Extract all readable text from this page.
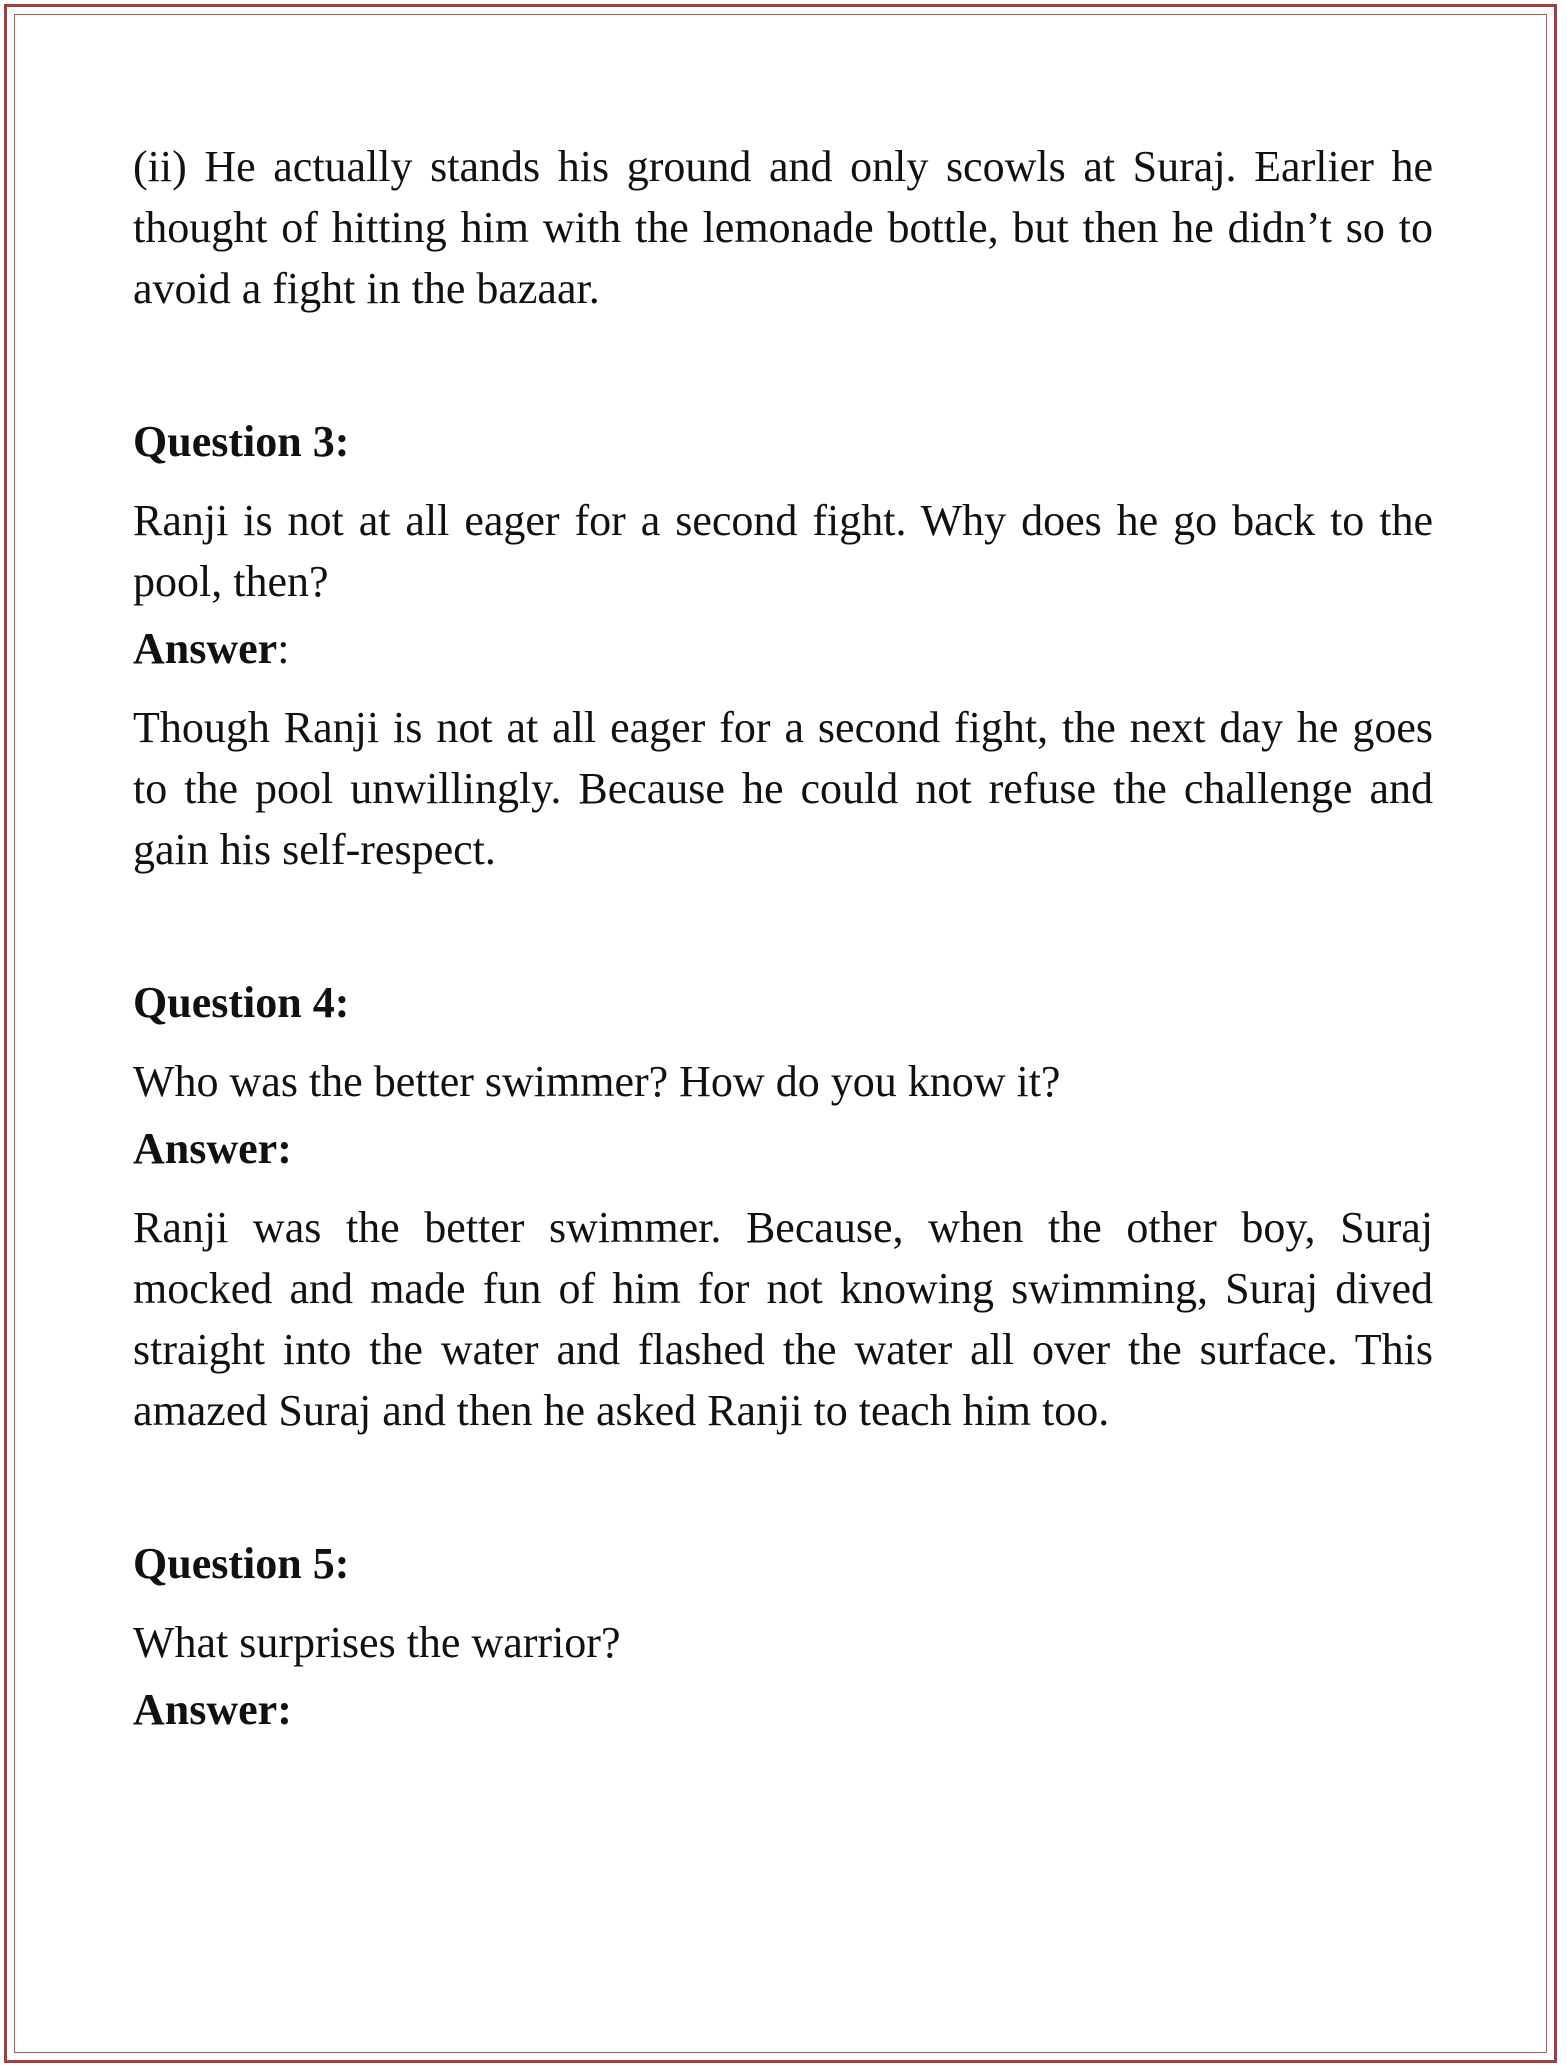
(ii) He actually stands his ground and only scowls at Suraj. Earlier he thought of hitting him with the lemonade bottle, but then he didn’t so to avoid a fight in the bazaar.

Question 3:

Ranji is not at all eager for a second fight. Why does he go back to the pool, then?

Answer:

Though Ranji is not at all eager for a second fight, the next day he goes to the pool unwillingly. Because he could not refuse the challenge and gain his self-respect.

Question 4:

Who was the better swimmer? How do you know it?

Answer:

Ranji was the better swimmer. Because, when the other boy, Suraj mocked and made fun of him for not knowing swimming, Suraj dived straight into the water and flashed the water all over the surface. This amazed Suraj and then he asked Ranji to teach him too.

Question 5:

What surprises the warrior?

Answer:
